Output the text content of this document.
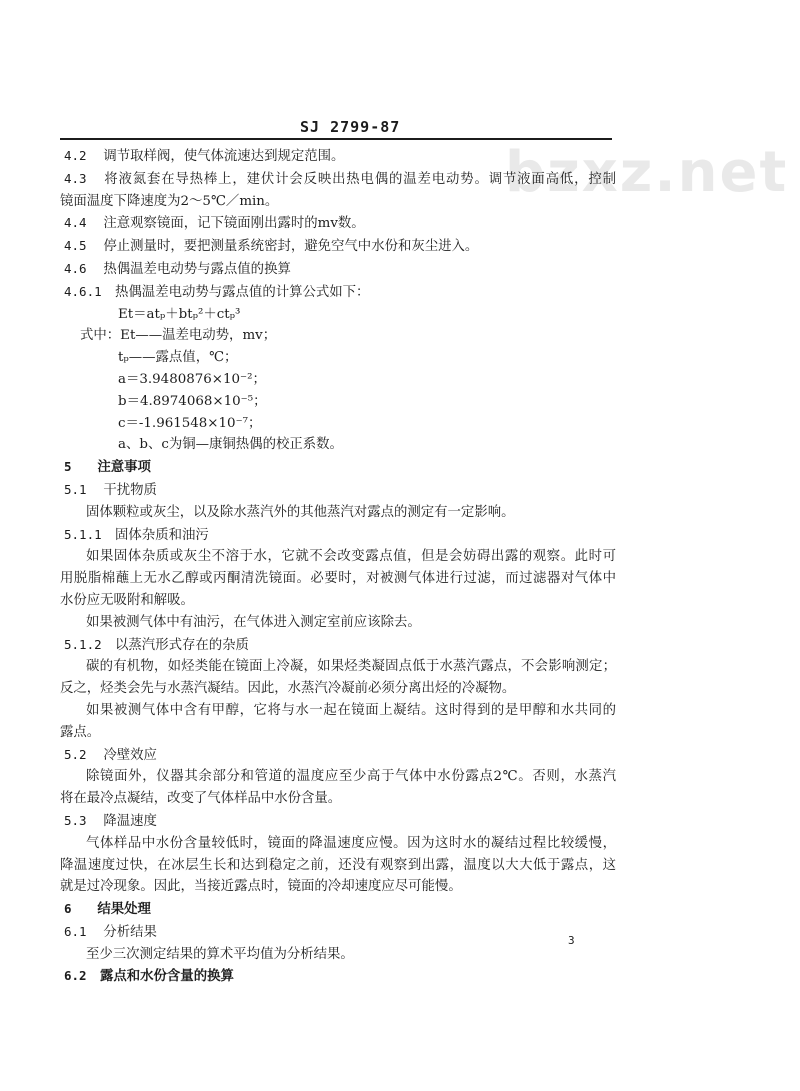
bzxz.net
SJ 2799-87
4.2  调节取样阀，使气体流速达到规定范围。
4.3  将液氮套在导热棒上，建伏计会反映出热电偶的温差电动势。调节液面高低，控制
镜面温度下降速度为2～5℃／min。
4.4  注意观察镜面，记下镜面刚出露时的mv数。
4.5  停止测量时，要把测量系统密封，避免空气中水份和灰尘进入。
4.6  热偶温差电动势与露点值的换算
4.6.1  热偶温差电动势与露点值的计算公式如下：
Et＝atₚ＋btₚ²＋ctₚ³
式中：Et——温差电动势，mv；
tₚ——露点值，℃；
a＝3.9480876×10⁻²；
b＝4.8974068×10⁻⁵；
c＝-1.961548×10⁻⁷；
a、b、c为铜—康铜热偶的校正系数。
5  注意事项
5.1  干扰物质
固体颗粒或灰尘，以及除水蒸汽外的其他蒸汽对露点的测定有一定影响。
5.1.1  固体杂质和油污
如果固体杂质或灰尘不溶于水，它就不会改变露点值，但是会妨碍出露的观察。此时可
用脱脂棉蘸上无水乙醇或丙酮清洗镜面。必要时，对被测气体进行过滤，而过滤器对气体中
水份应无吸附和解吸。
如果被测气体中有油污，在气体进入测定室前应该除去。
5.1.2  以蒸汽形式存在的杂质
碳的有机物，如烃类能在镜面上冷凝，如果烃类凝固点低于水蒸汽露点，不会影响测定；
反之，烃类会先与水蒸汽凝结。因此，水蒸汽冷凝前必须分离出烃的冷凝物。
如果被测气体中含有甲醇，它将与水一起在镜面上凝结。这时得到的是甲醇和水共同的
露点。
5.2  冷壁效应
除镜面外，仪器其余部分和管道的温度应至少高于气体中水份露点2℃。否则，水蒸汽
将在最冷点凝结，改变了气体样品中水份含量。
5.3  降温速度
气体样品中水份含量较低时，镜面的降温速度应慢。因为这时水的凝结过程比较缓慢，
降温速度过快，在冰层生长和达到稳定之前，还没有观察到出露，温度以大大低于露点，这
就是过冷现象。因此，当接近露点时，镜面的冷却速度应尽可能慢。
6  结果处理
6.1  分析结果
至少三次测定结果的算术平均值为分析结果。
6.2  露点和水份含量的换算
3
